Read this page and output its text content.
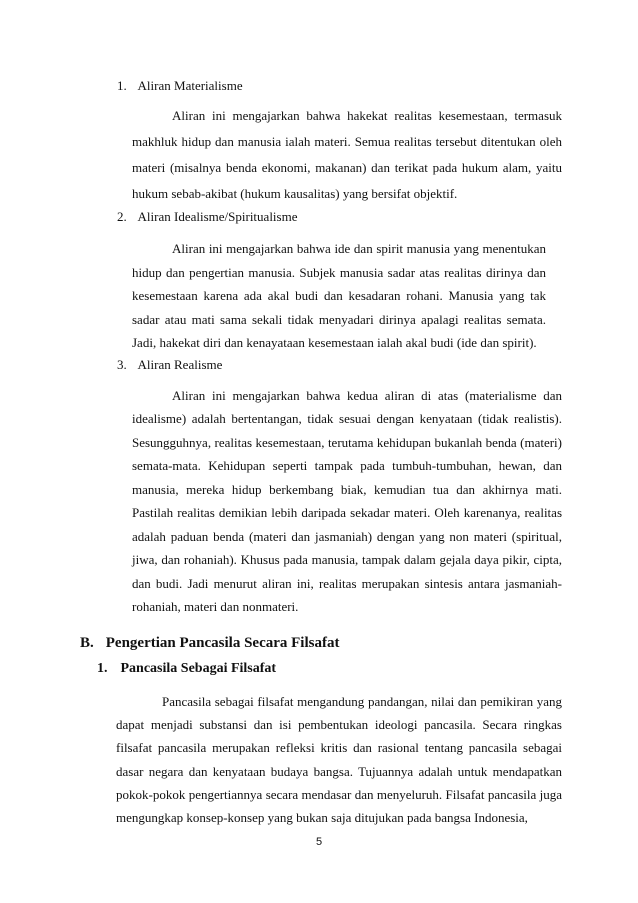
1. Aliran Materialisme

Aliran ini mengajarkan bahwa hakekat realitas kesemestaan, termasuk makhluk hidup dan manusia ialah materi. Semua realitas tersebut ditentukan oleh materi (misalnya benda ekonomi, makanan) dan terikat pada hukum alam, yaitu hukum sebab-akibat (hukum kausalitas) yang bersifat objektif.

2. Aliran Idealisme/Spiritualisme

Aliran ini mengajarkan bahwa ide dan spirit manusia yang menentukan hidup dan pengertian manusia. Subjek manusia sadar atas realitas dirinya dan kesemestaan karena ada akal budi dan kesadaran rohani. Manusia yang tak sadar atau mati sama sekali tidak menyadari dirinya apalagi realitas semata. Jadi, hakekat diri dan kenayataan kesemestaan ialah akal budi (ide dan spirit).

3. Aliran Realisme

Aliran ini mengajarkan bahwa kedua aliran di atas (materialisme dan idealisme) adalah bertentangan, tidak sesuai dengan kenyataan (tidak realistis). Sesungguhnya, realitas kesemestaan, terutama kehidupan bukanlah benda (materi) semata-mata. Kehidupan seperti tampak pada tumbuh-tumbuhan, hewan, dan manusia, mereka hidup berkembang biak, kemudian tua dan akhirnya mati. Pastilah realitas demikian lebih daripada sekadar materi. Oleh karenanya, realitas adalah paduan benda (materi dan jasmaniah) dengan yang non materi (spiritual, jiwa, dan rohaniah). Khusus pada manusia, tampak dalam gejala daya pikir, cipta, dan budi. Jadi menurut aliran ini, realitas merupakan sintesis antara jasmaniah-rohaniah, materi dan nonmateri.

B. Pengertian Pancasila Secara Filsafat
1. Pancasila Sebagai Filsafat

Pancasila sebagai filsafat mengandung pandangan, nilai dan pemikiran yang dapat menjadi substansi dan isi pembentukan ideologi pancasila. Secara ringkas filsafat pancasila merupakan refleksi kritis dan rasional tentang pancasila sebagai dasar negara dan kenyataan budaya bangsa. Tujuannya adalah untuk mendapatkan pokok-pokok pengertiannya secara mendasar dan menyeluruh. Filsafat pancasila juga mengungkap konsep-konsep yang bukan saja ditujukan pada bangsa Indonesia,

5
